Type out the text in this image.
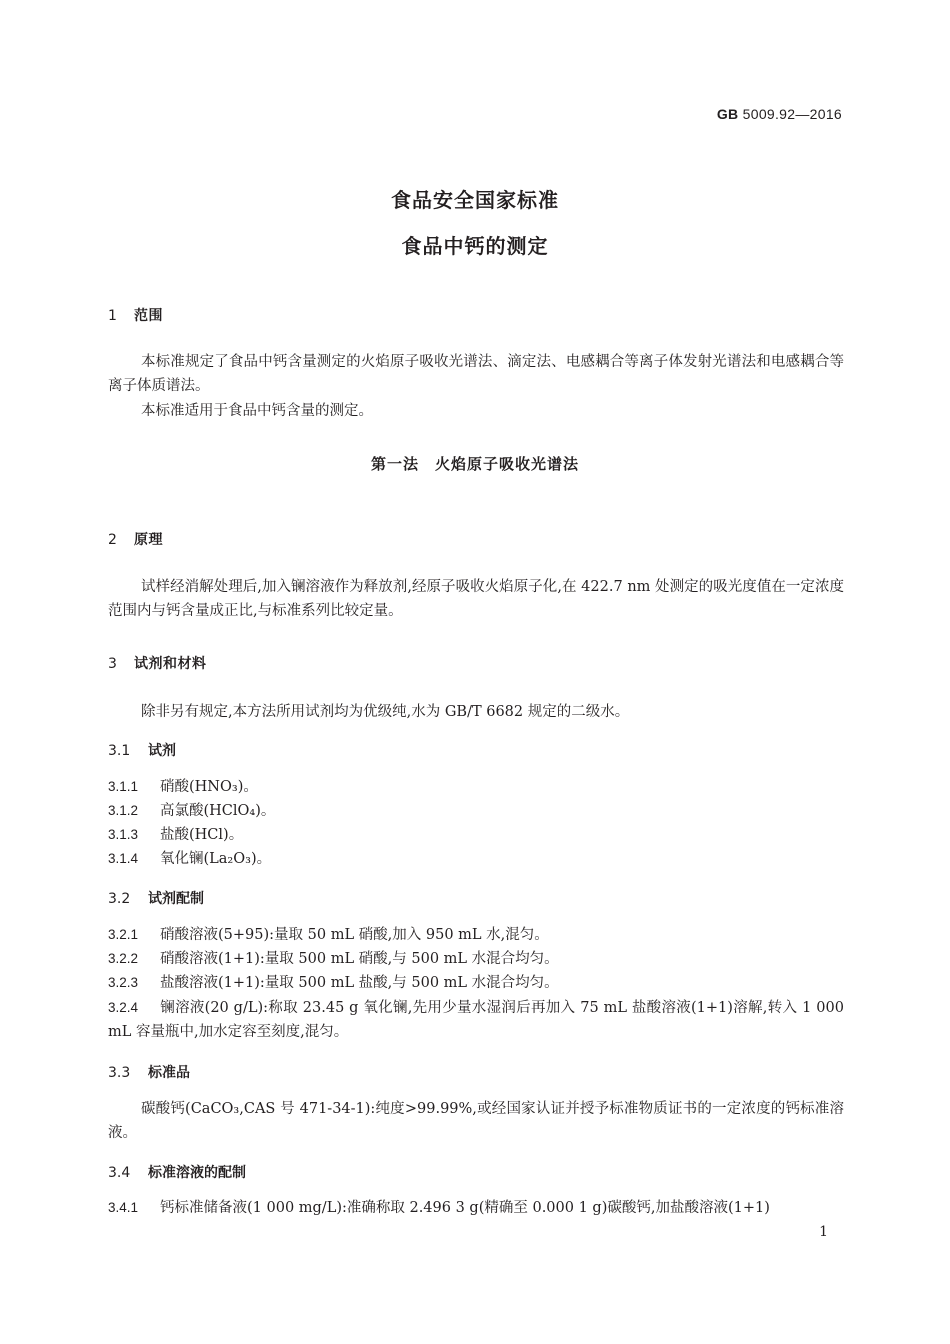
GB 5009.92—2016
食品安全国家标准
食品中钙的测定
1 范围
本标准规定了食品中钙含量测定的火焰原子吸收光谱法、滴定法、电感耦合等离子体发射光谱法和电感耦合等离子体质谱法。
本标准适用于食品中钙含量的测定。
第一法　火焰原子吸收光谱法
2 原理
试样经消解处理后,加入镧溶液作为释放剂,经原子吸收火焰原子化,在 422.7 nm 处测定的吸光度值在一定浓度范围内与钙含量成正比,与标准系列比较定量。
3 试剂和材料
除非另有规定,本方法所用试剂均为优级纯,水为 GB/T 6682 规定的二级水。
3.1 试剂
3.1.1 硝酸(HNO₃)。
3.1.2 高氯酸(HClO₄)。
3.1.3 盐酸(HCl)。
3.1.4 氧化镧(La₂O₃)。
3.2 试剂配制
3.2.1 硝酸溶液(5+95):量取 50 mL 硝酸,加入 950 mL 水,混匀。
3.2.2 硝酸溶液(1+1):量取 500 mL 硝酸,与 500 mL 水混合均匀。
3.2.3 盐酸溶液(1+1):量取 500 mL 盐酸,与 500 mL 水混合均匀。
3.2.4 镧溶液(20 g/L):称取 23.45 g 氧化镧,先用少量水湿润后再加入 75 mL 盐酸溶液(1+1)溶解,转入 1 000 mL 容量瓶中,加水定容至刻度,混匀。
3.3 标准品
碳酸钙(CaCO₃,CAS 号 471-34-1):纯度>99.99%,或经国家认证并授予标准物质证书的一定浓度的钙标准溶液。
3.4 标准溶液的配制
3.4.1 钙标准储备液(1 000 mg/L):准确称取 2.496 3 g(精确至 0.000 1 g)碳酸钙,加盐酸溶液(1+1)
1
